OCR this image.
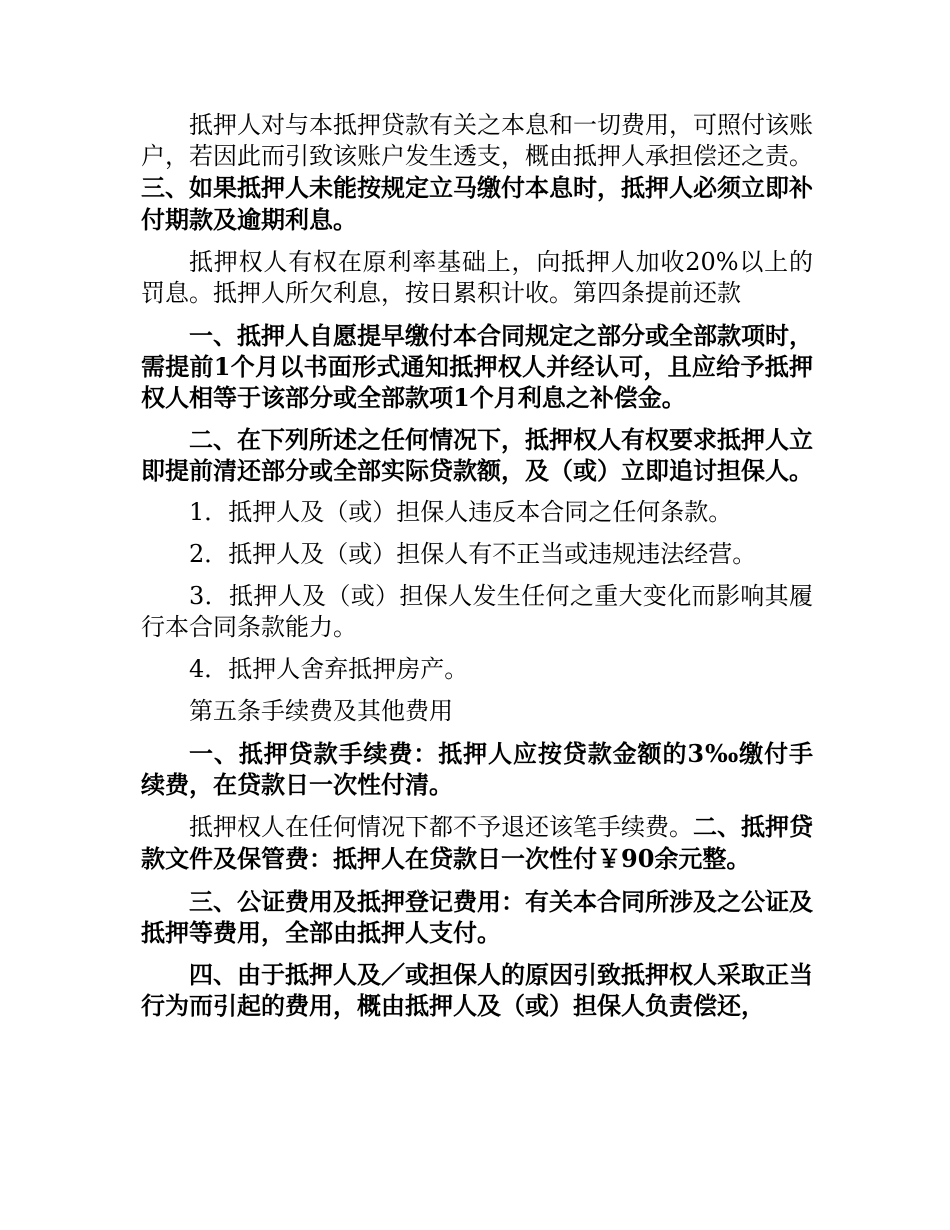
抵押人对与本抵押贷款有关之本息和一切费用，可照付该账户，若因此而引致该账户发生透支，概由抵押人承担偿还之责。三、如果抵押人未能按规定立马缴付本息时，抵押人必须立即补付期款及逾期利息。

抵押权人有权在原利率基础上，向抵押人加收20%以上的罚息。抵押人所欠利息，按日累积计收。第四条提前还款

一、抵押人自愿提早缴付本合同规定之部分或全部款项时，需提前1个月以书面形式通知抵押权人并经认可，且应给予抵押权人相等于该部分或全部款项1个月利息之补偿金。

二、在下列所述之任何情况下，抵押权人有权要求抵押人立即提前清还部分或全部实际贷款额，及（或）立即追讨担保人。

1．抵押人及（或）担保人违反本合同之任何条款。

2．抵押人及（或）担保人有不正当或违规违法经营。

3．抵押人及（或）担保人发生任何之重大变化而影响其履行本合同条款能力。

4．抵押人舍弃抵押房产。

第五条手续费及其他费用

一、抵押贷款手续费：抵押人应按贷款金额的3‰缴付手续费，在贷款日一次性付清。

抵押权人在任何情况下都不予退还该笔手续费。二、抵押贷款文件及保管费：抵押人在贷款日一次性付￥90余元整。

三、公证费用及抵押登记费用：有关本合同所涉及之公证及抵押等费用，全部由抵押人支付。

四、由于抵押人及／或担保人的原因引致抵押权人采取正当行为而引起的费用，概由抵押人及（或）担保人负责偿还，
